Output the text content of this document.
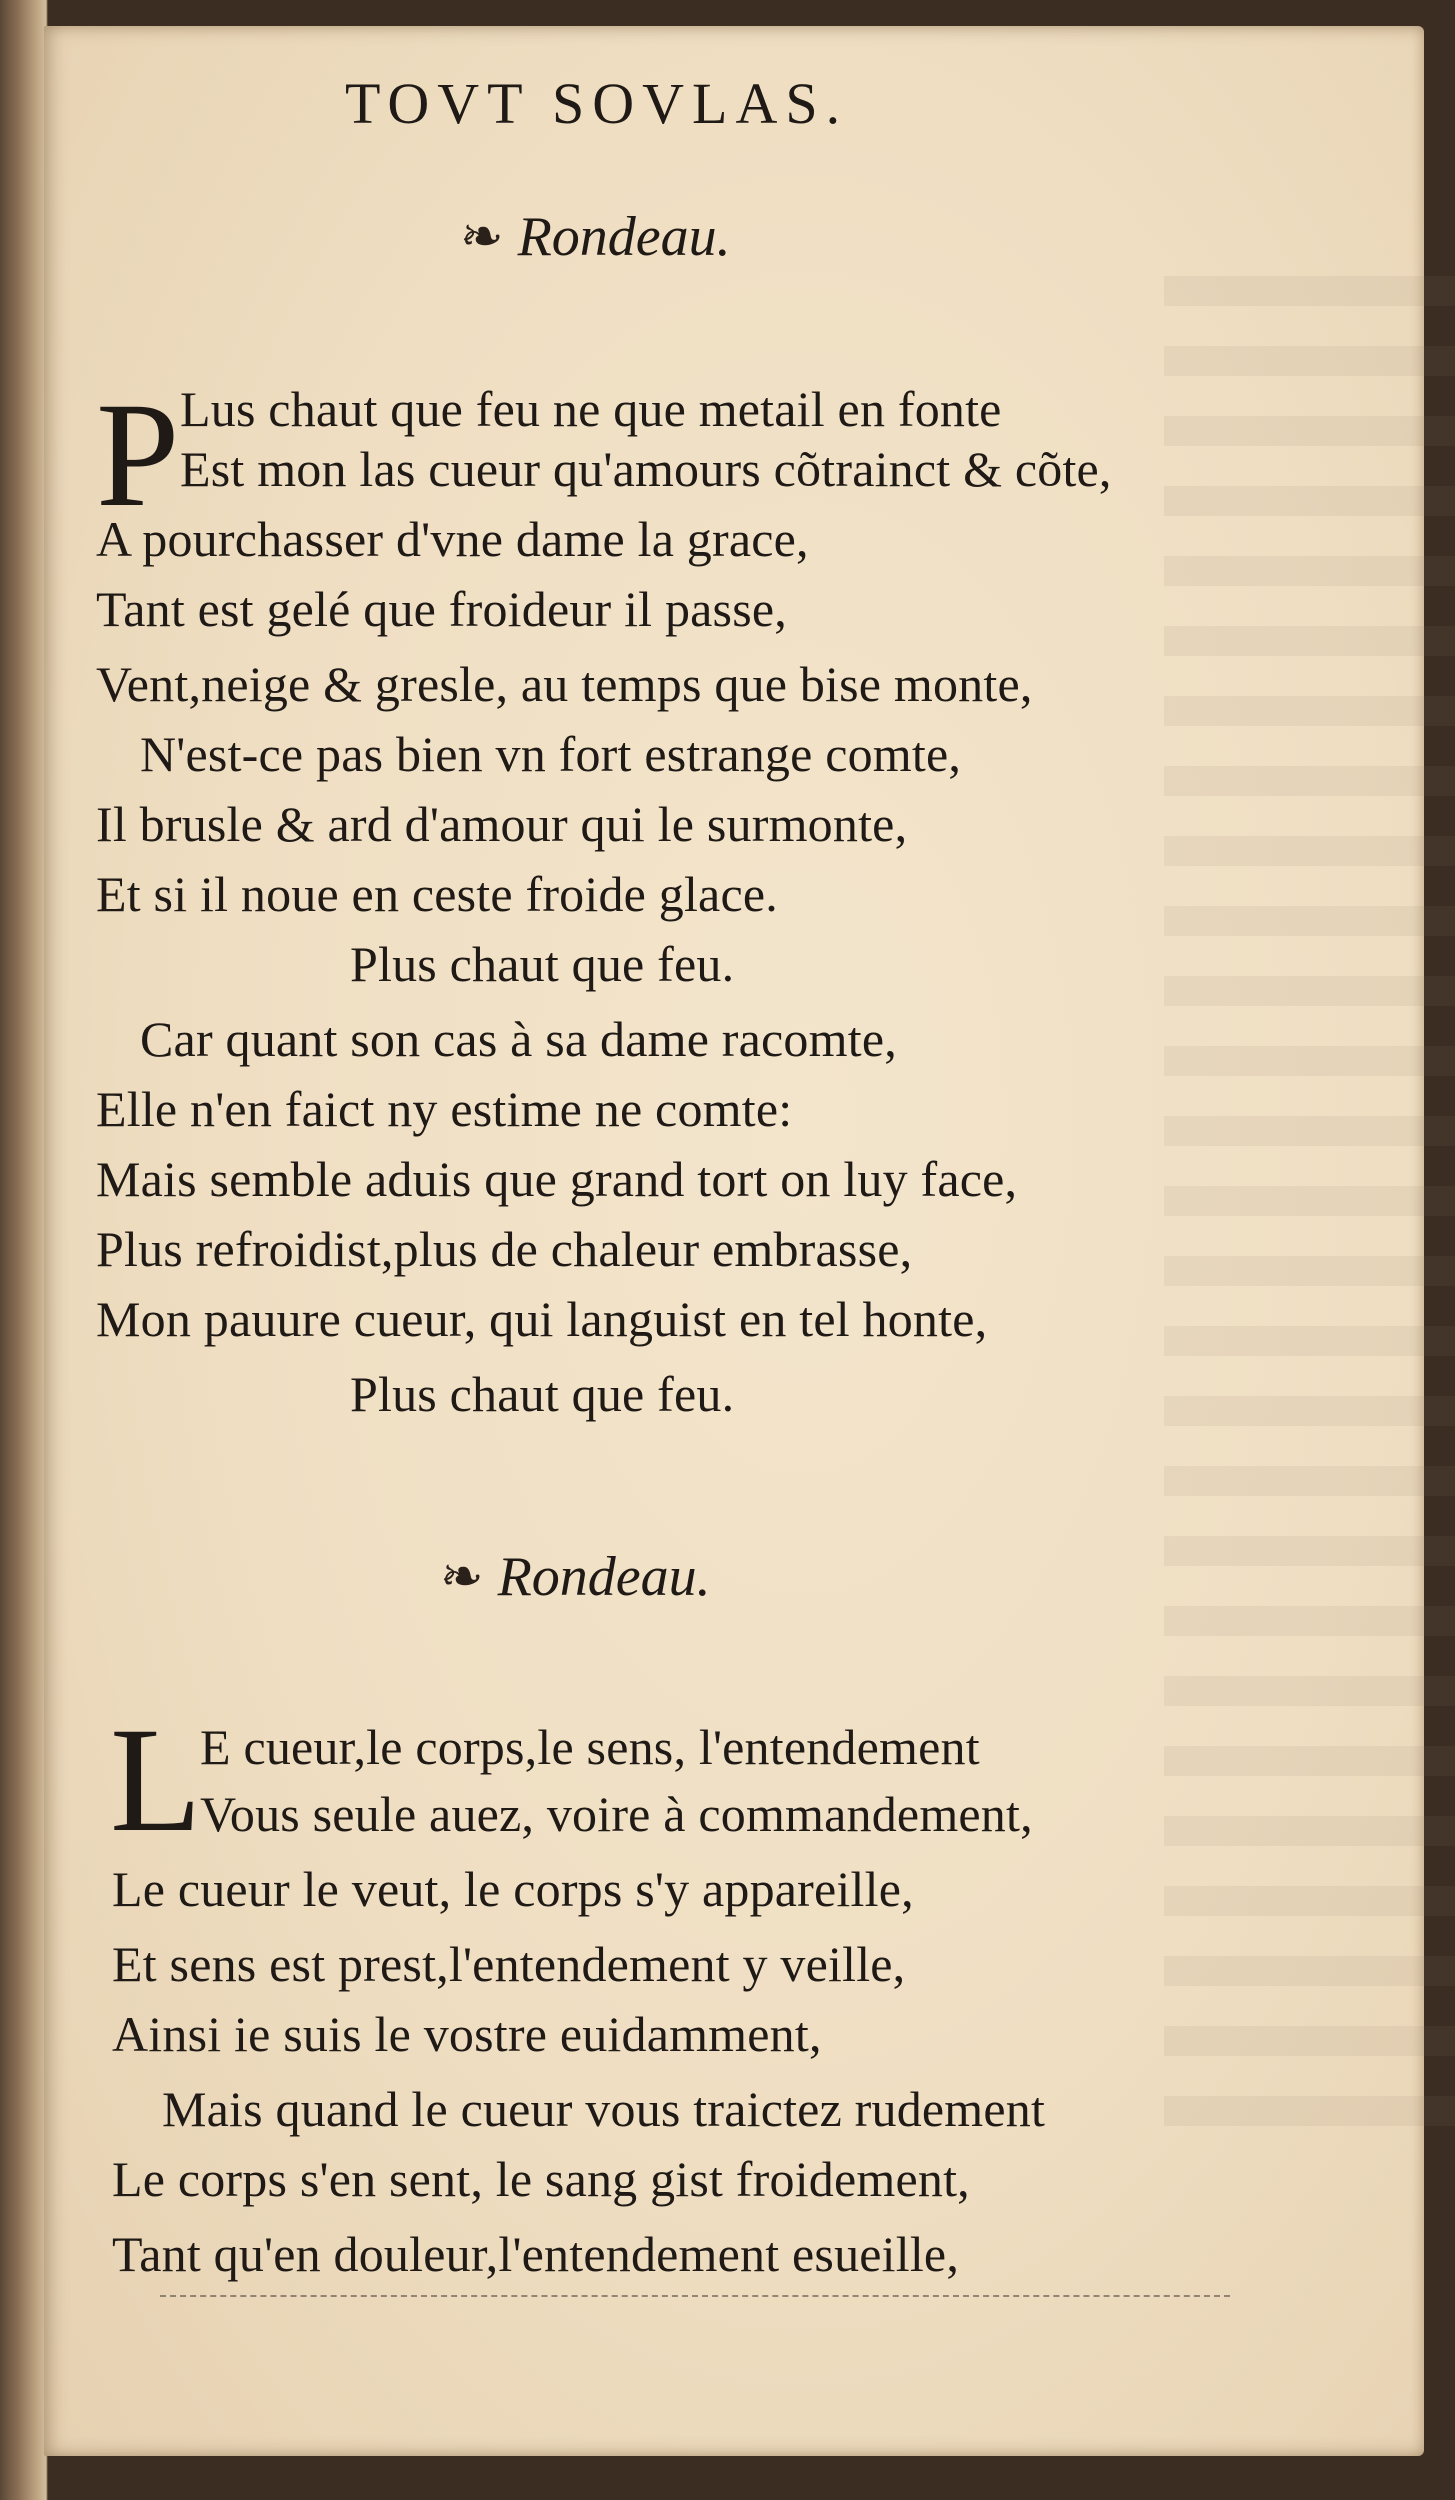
TOVT SOVLAS.
❧ Rondeau.
P Lus chaut que feu ne que metail en fonte
Est mon las cueur qu'amours cõtrainct & cõte,
A pourchasser d'vne dame la grace,
Tant est gelé que froideur il passe,
Vent,neige & gresle, au temps que bise monte,
N'est-ce pas bien vn fort estrange comte,
Il brusle & ard d'amour qui le surmonte,
Et si il noue en ceste froide glace.
Plus chaut que feu.
Car quant son cas à sa dame racomte,
Elle n'en faict ny estime ne comte:
Mais semble aduis que grand tort on luy face,
Plus refroidist,plus de chaleur embrasse,
Mon pauure cueur, qui languist en tel honte,
Plus chaut que feu.
❧ Rondeau.
L
E cueur,le corps,le sens, l'entendement
Vous seule auez, voire à commandement,
Le cueur le veut, le corps s'y appareille,
Et sens est prest,l'entendement y veille,
Ainsi ie suis le vostre euidamment,
Mais quand le cueur vous traictez rudement
Le corps s'en sent, le sang gist froidement,
Tant qu'en douleur,l'entendement esueille,
